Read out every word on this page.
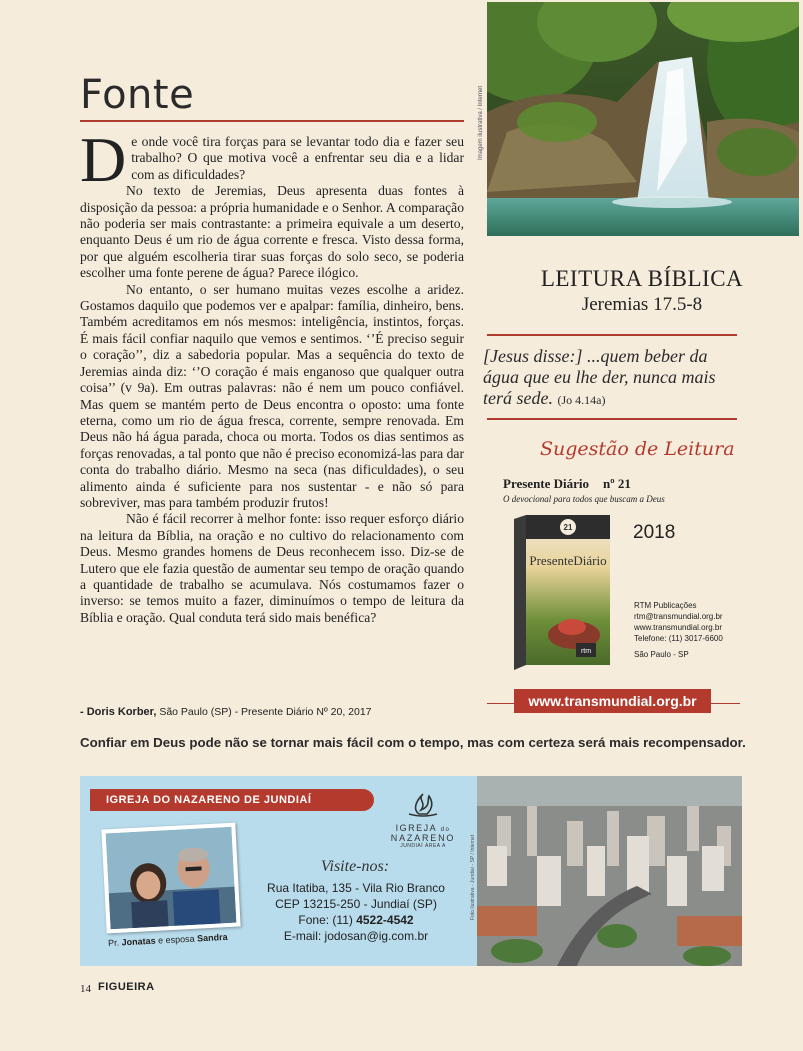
Fonte

De onde você tira forças para se levantar todo dia e fazer seu trabalho? O que motiva você a enfrentar seu dia e a lidar com as dificuldades?

No texto de Jeremias, Deus apresenta duas fontes à disposição da pessoa: a própria humanidade e o Senhor. A comparação não poderia ser mais contrastante: a primeira equivale a um deserto, enquanto Deus é um rio de água corrente e fresca. Visto dessa forma, por que alguém escolheria tirar suas forças do solo seco, se poderia escolher uma fonte perene de água? Parece ilógico.

No entanto, o ser humano muitas vezes escolhe a aridez. Gostamos daquilo que podemos ver e apalpar: família, dinheiro, bens. Também acreditamos em nós mesmos: inteligência, instintos, forças. É mais fácil confiar naquilo que vemos e sentimos. ‘’É preciso seguir o coração’’, diz a sabedoria popular. Mas a sequência do texto de Jeremias ainda diz: ‘’O coração é mais enganoso que qualquer outra coisa’’ (v 9a). Em outras palavras: não é nem um pouco confiável. Mas quem se mantém perto de Deus encontra o oposto: uma fonte eterna, como um rio de água fresca, corrente, sempre renovada. Em Deus não há água parada, choca ou morta. Todos os dias sentimos as forças renovadas, a tal ponto que não é preciso economizá-las para dar conta do trabalho diário. Mesmo na seca (nas dificuldades), o seu alimento ainda é suficiente para nos sustentar - e não só para sobreviver, mas para também produzir frutos!

Não é fácil recorrer à melhor fonte: isso requer esforço diário na leitura da Bíblia, na oração e no cultivo do relacionamento com Deus. Mesmo grandes homens de Deus reconhecem isso. Diz-se de Lutero que ele fazia questão de aumentar seu tempo de oração quando a quantidade de trabalho se acumulava. Nós costumamos fazer o inverso: se temos muito a fazer, diminuímos o tempo de leitura da Bíblia e oração. Qual conduta terá sido mais benéfica?

- Doris Korber, São Paulo (SP) - Presente Diário Nº 20, 2017
Imagem ilustrativa / Internet
LEITURA BÍBLICA
Jeremias 17.5-8
[Jesus disse:] ...quem beber da água que eu lhe der, nunca mais terá sede. (Jo 4.14a)
Sugestão de Leitura
Presente Diário nº 21
O devocional para todos que buscam a Deus
21
PresenteDiário
rtm
2018
RTM Publicações
rtm@transmundial.org.br
www.transmundial.org.br
Telefone: (11) 3017-6600
São Paulo - SP
www.transmundial.org.br
Confiar em Deus pode não se tornar mais fácil com o tempo, mas com certeza será mais recompensador.
IGREJA DO NAZARENO DE JUNDIAÍ
Pr. Jonatas e esposa Sandra
IGREJA do
NAZARENO
JUNDIAÍ ÁREA A
Visite-nos:
Rua Itatiba, 135 - Vila Rio Branco
CEP 13215-250 - Jundiaí (SP)
Fone: (11) 4522-4542
E-mail: jodosan@ig.com.br
Foto ilustrativa - Jundiaí - SP / Internet
14 FIGUEIRA
